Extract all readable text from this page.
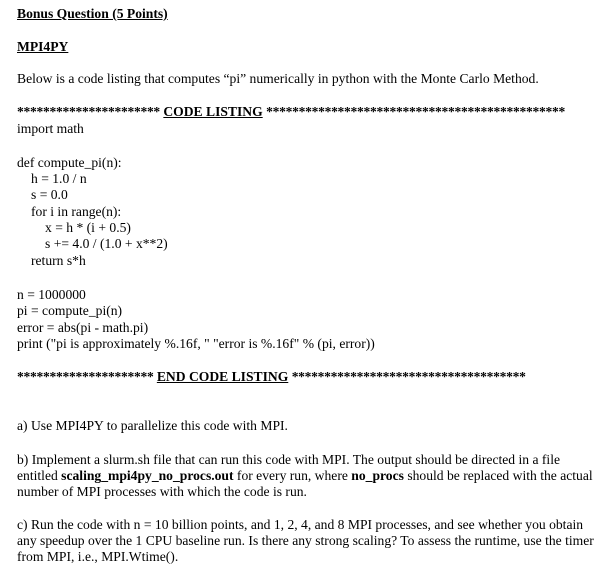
Bonus Question (5 Points)
MPI4PY
Below is a code listing that computes “pi” numerically in python with the Monte Carlo Method.
********************** CODE LISTING **********************************************
import math
def compute_pi(n):
h = 1.0 / n
s = 0.0
for i in range(n):
x = h * (i + 0.5)
s += 4.0 / (1.0 + x**2)
return s*h
n = 1000000
pi = compute_pi(n)
error = abs(pi - math.pi)
print ("pi is approximately %.16f, " "error is %.16f" % (pi, error))
********************* END CODE LISTING ************************************
a) Use MPI4PY to parallelize this code with MPI.
b) Implement a slurm.sh file that can run this code with MPI. The output should be directed in a file entitled scaling_mpi4py_no_procs.out for every run, where no_procs should be replaced with the actual number of MPI processes with which the code is run.
c) Run the code with n = 10 billion points, and 1, 2, 4, and 8 MPI processes, and see whether you obtain any speedup over the 1 CPU baseline run. Is there any strong scaling? To assess the runtime, use the timer from MPI, i.e., MPI.Wtime().
